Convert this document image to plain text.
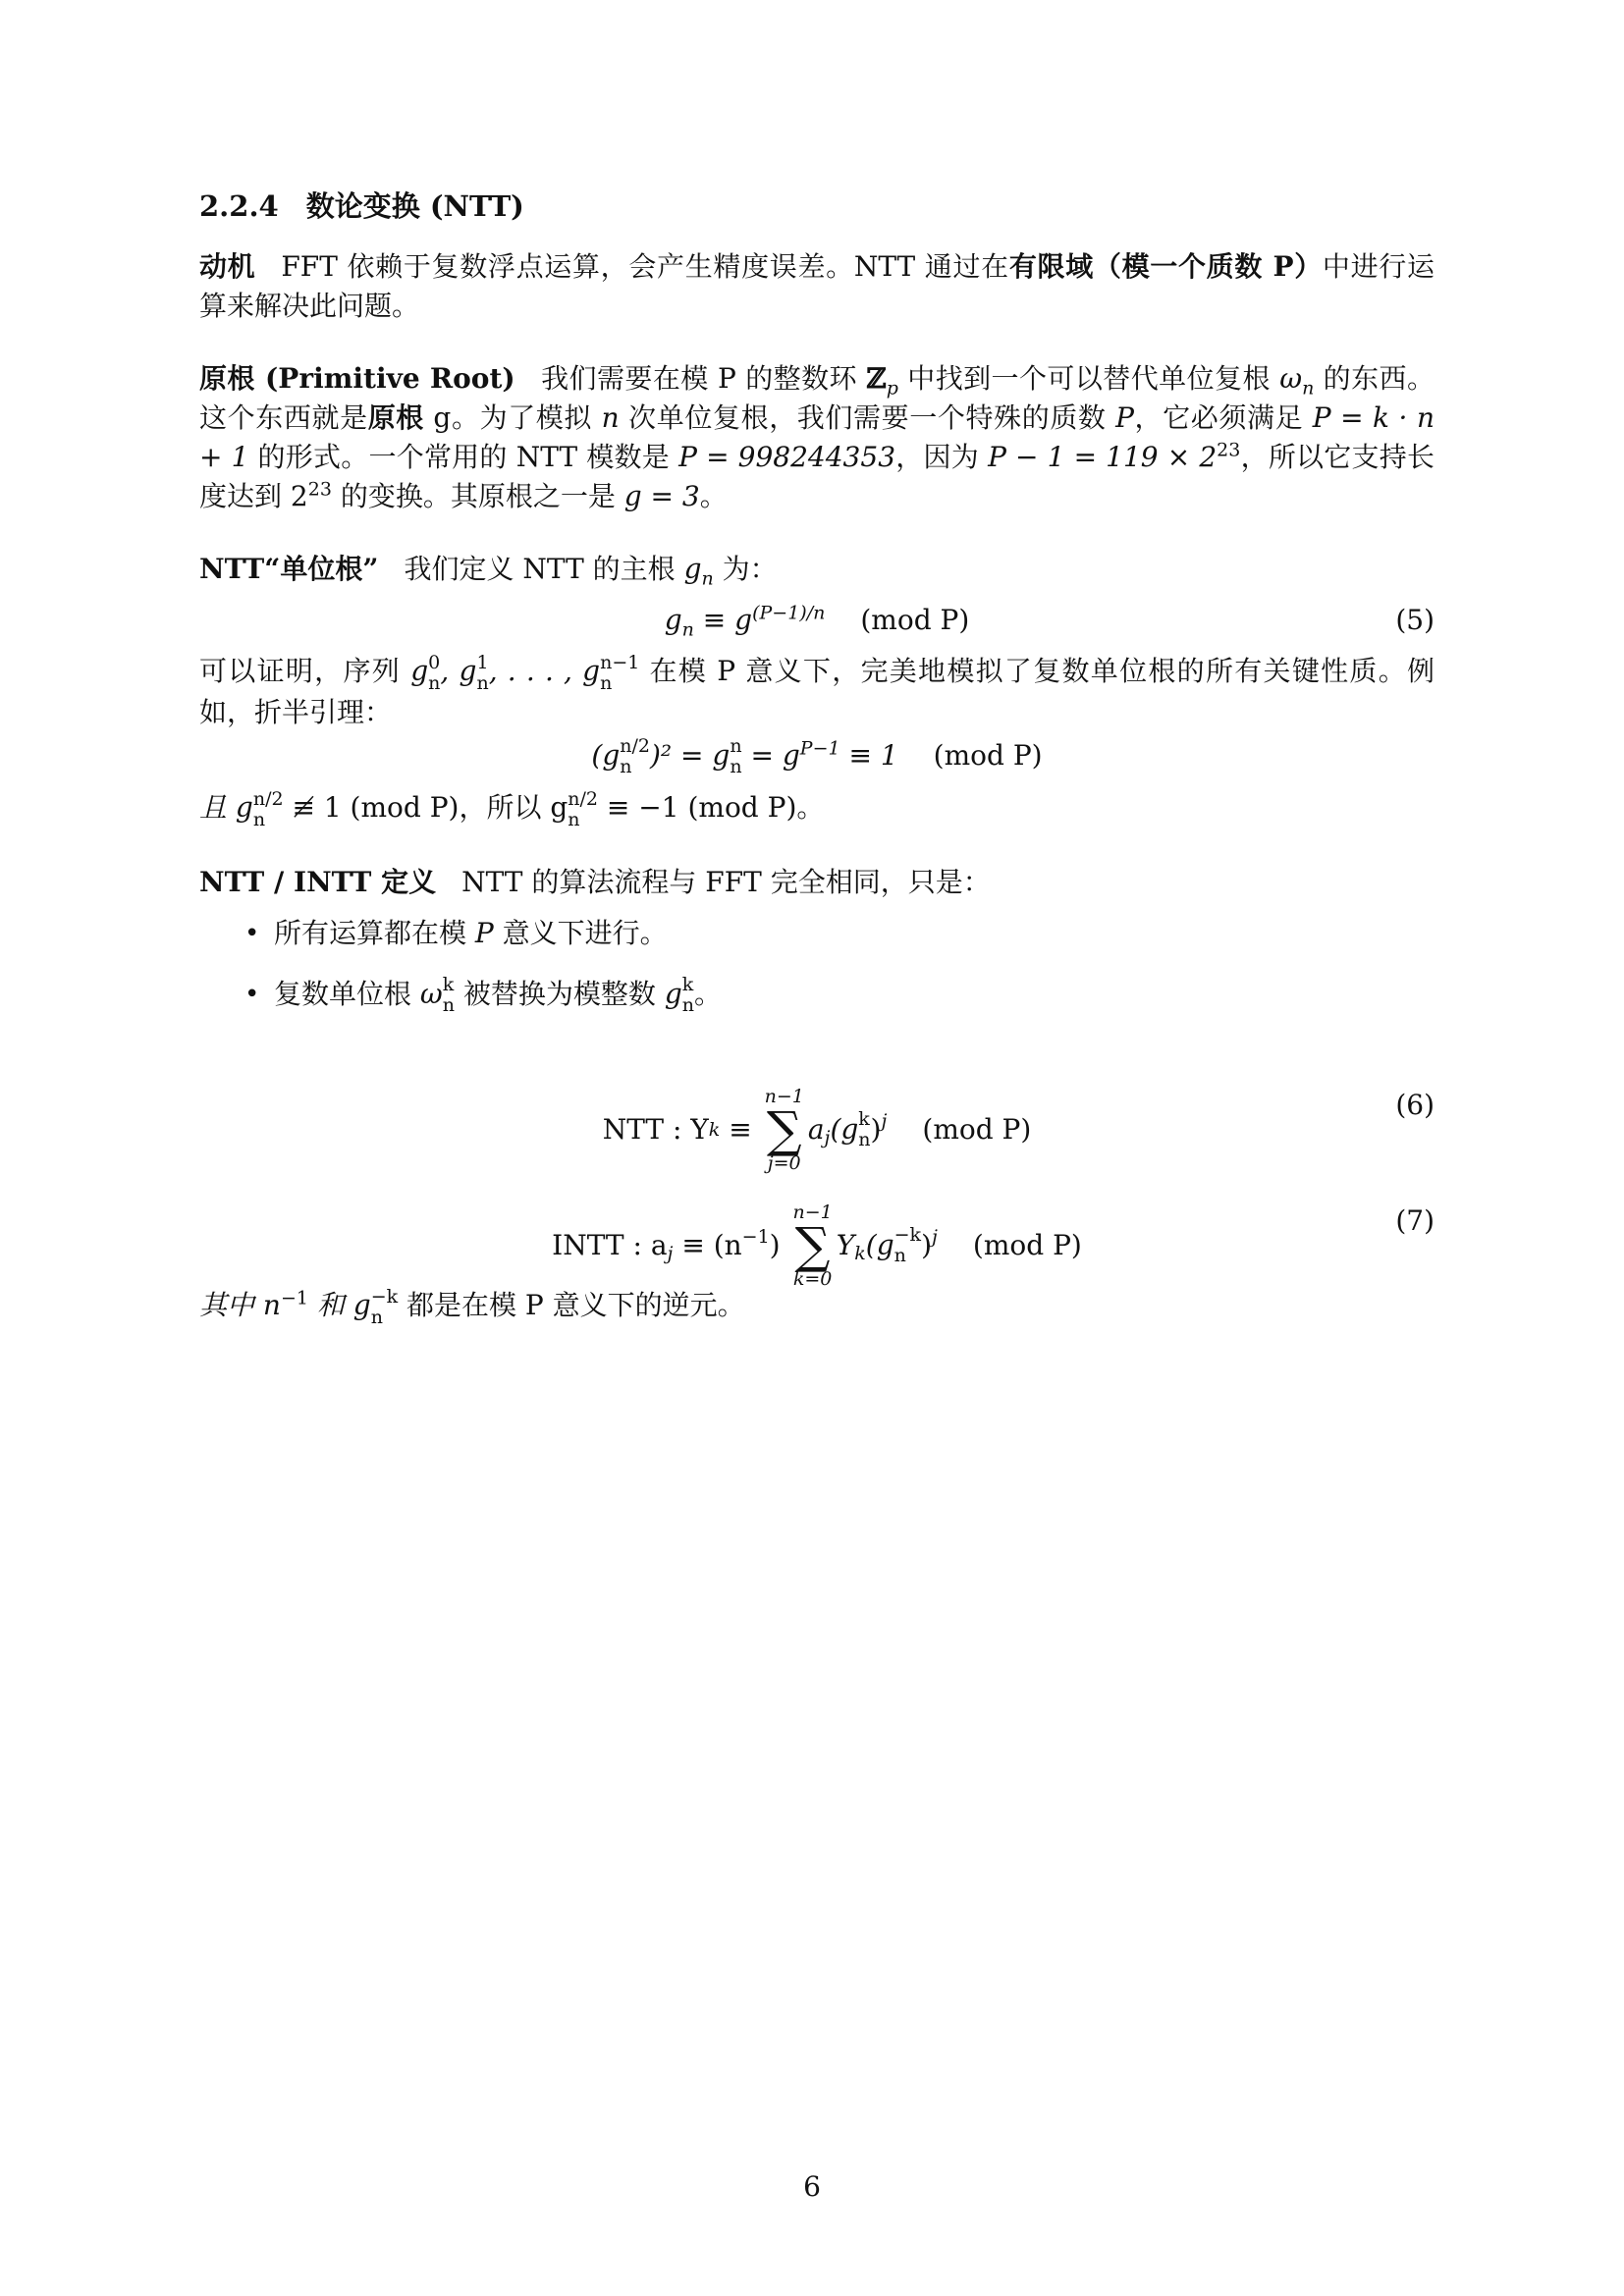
2.2.4 数论变换 (NTT)

动机 FFT 依赖于复数浮点运算，会产生精度误差。NTT 通过在有限域（模一个质数 P）中进行运算来解决此问题。

原根 (Primitive Root) 我们需要在模 P 的整数环 ℤ$_p$ 中找到一个可以替代单位复根 $\omega_n$ 的东西。这个东西就是原根 g。为了模拟 n 次单位复根，我们需要一个特殊的质数 P，它必须满足 P = k · n + 1 的形式。一个常用的 NTT 模数是 P = 998244353，因为 $P - 1 = 119 \times 2^{23}$，所以它支持长度达到 $2^{23}$ 的变换。其原根之一是 g = 3。

NTT“单位根” 我们定义 NTT 的主根 $g_n$ 为：

$g_n \equiv g^{(P-1)/n}$ (mod P)	(5)

可以证明，序列 g 0
n , g 1
n , . . . , g n−1
n	在模 P 意义下，完美地模拟了复数单位根的所有关键性质。例如，折半引理：

(g n/2
n )² = g n
$n = g^{P-1} \equiv 1$ (mod P)

且 g n/2
n ≢ 1 (mod P)，所以 g n/2
n ≡ −1 (mod P)。

NTT / INTT 定义 NTT 的算法流程与 FFT 完全相同，只是：

• 所有运算都在模 P 意义下进行。
• 复数单位根 ω k
n 被替换为模整数 g k
n 。
NTT : Yk ≡
n−1
∑
j=0
$a_j(g$ k
n )$^j$ (mod P)
(6)
INTT : $a_j \equiv (n^{-1})$
n−1
∑
k=0
$Y_k(g -k$
n )$^j$ (mod P)
(7)

其中 $n^{-1}$ 和 g −k
n 都是在模 P 意义下的逆元。

6
